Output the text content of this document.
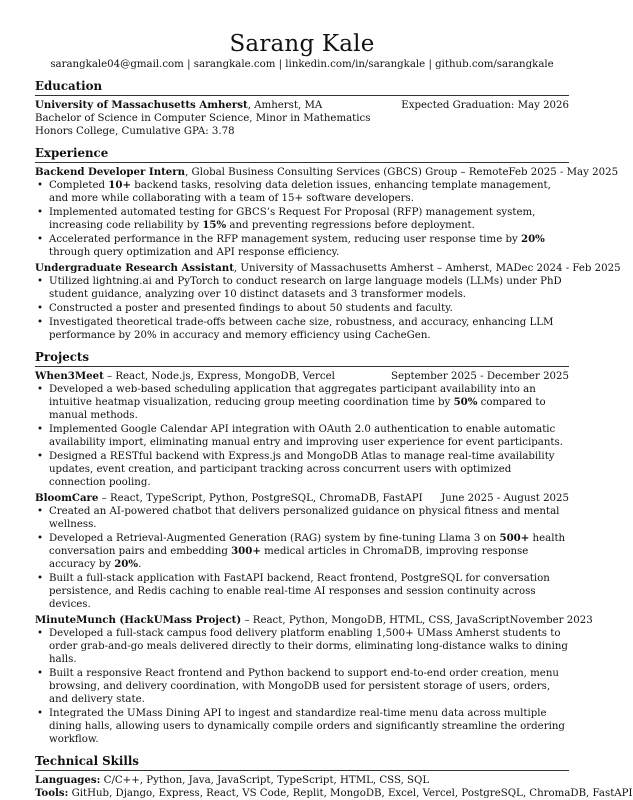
Sarang Kale
sarangkale04@gmail.com | sarangkale.com | linkedin.com/in/sarangkale | github.com/sarangkale
Education
University of Massachusetts Amherst, Amherst, MA	Expected Graduation: May 2026
Bachelor of Science in Computer Science, Minor in Mathematics
Honors College, Cumulative GPA: 3.78
Experience
Backend Developer Intern, Global Business Consulting Services (GBCS) Group – Remote Feb 2025 - May 2025
• Completed 10+ backend tasks, resolving data deletion issues, enhancing template management, and more while collaborating with a team of 15+ software developers.
• Implemented automated testing for GBCS’s Request For Proposal (RFP) management system, increasing code reliability by 15% and preventing regressions before deployment.
• Accelerated performance in the RFP management system, reducing user response time by 20% through query optimization and API response efficiency.
Undergraduate Research Assistant, University of Massachusetts Amherst – Amherst, MA Dec 2024 - Feb 2025
• Utilized lightning.ai and PyTorch to conduct research on large language models (LLMs) under PhD student guidance, analyzing over 10 distinct datasets and 3 transformer models.
• Constructed a poster and presented findings to about 50 students and faculty.
• Investigated theoretical trade-offs between cache size, robustness, and accuracy, enhancing LLM performance by 20% in accuracy and memory efficiency using CacheGen.
Projects
When3Meet – React, Node.js, Express, MongoDB, Vercel	September 2025 - December 2025
• Developed a web-based scheduling application that aggregates participant availability into an intuitive heatmap visualization, reducing group meeting coordination time by 50% compared to manual methods.
• Implemented Google Calendar API integration with OAuth 2.0 authentication to enable automatic availability import, eliminating manual entry and improving user experience for event participants.
• Designed a RESTful backend with Express.js and MongoDB Atlas to manage real-time availability updates, event creation, and participant tracking across concurrent users with optimized connection pooling.
BloomCare – React, TypeScript, Python, PostgreSQL, ChromaDB, FastAPI June 2025 - August 2025
• Created an AI-powered chatbot that delivers personalized guidance on physical fitness and mental wellness.
• Developed a Retrieval-Augmented Generation (RAG) system by fine-tuning Llama 3 on 500+ health conversation pairs and embedding 300+ medical articles in ChromaDB, improving response accuracy by 20%.
• Built a full-stack application with FastAPI backend, React frontend, PostgreSQL for conversation persistence, and Redis caching to enable real-time AI responses and session continuity across devices.
MinuteMunch (HackUMass Project) – React, Python, MongoDB, HTML, CSS, JavaScript November 2023
• Developed a full-stack campus food delivery platform enabling 1,500+ UMass Amherst students to order grab-and-go meals delivered directly to their dorms, eliminating long-distance walks to dining halls.
• Built a responsive React frontend and Python backend to support end-to-end order creation, menu browsing, and delivery coordination, with MongoDB used for persistent storage of users, orders, and delivery state.
• Integrated the UMass Dining API to ingest and standardize real-time menu data across multiple dining halls, allowing users to dynamically compile orders and significantly streamline the ordering workflow.
Technical Skills
Languages: C/C++, Python, Java, JavaScript, TypeScript, HTML, CSS, SQL
Tools: GitHub, Django, Express, React, VS Code, Replit, MongoDB, Excel, Vercel, PostgreSQL, ChromaDB, FastAPI
